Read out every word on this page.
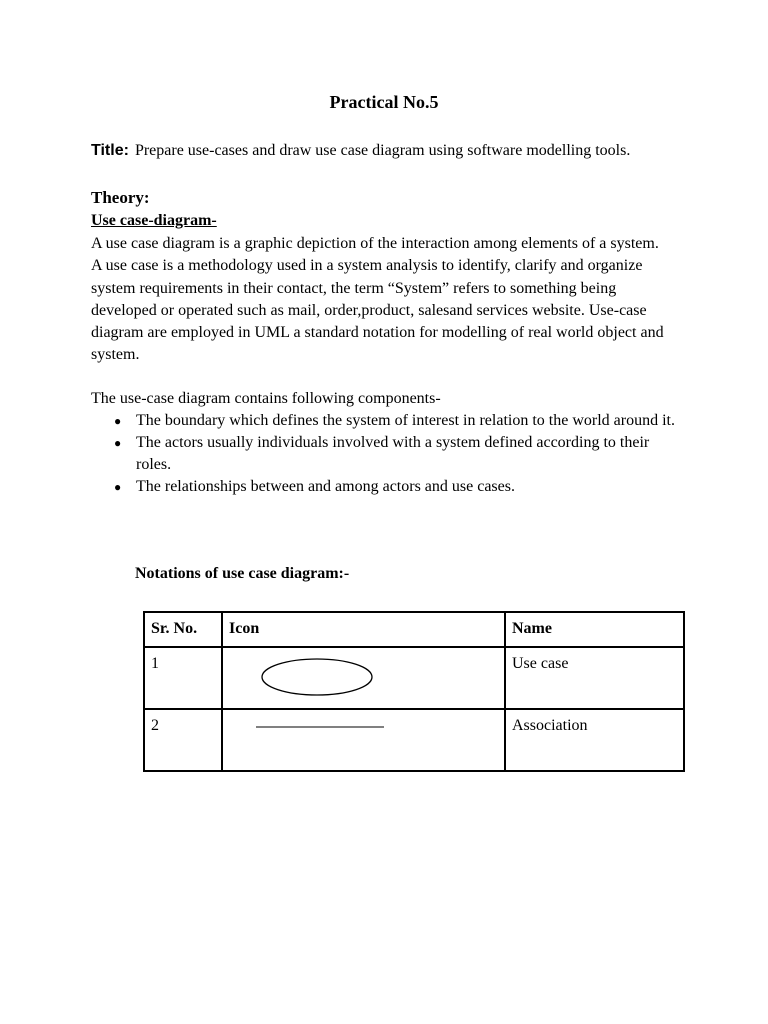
Practical No.5
Title: Prepare use-cases and draw use case diagram using software modelling tools.
Theory:
Use case-diagram-
A use case diagram is a graphic depiction of the interaction among elements of a system.
A use case is a methodology used in a system analysis to identify, clarify and organize
system requirements in their contact, the term “System” refers to something being
developed or operated such as mail, order,product, salesand services website. Use-case
diagram are employed in UML a standard notation for modelling of real world object and
system.
The use-case diagram contains following components-
● The boundary which defines the system of interest in relation to the world around it.
● The actors usually individuals involved with a system defined according to their roles.
● The relationships between and among actors and use cases.
Notations of use case diagram:-
Sr. No.	Icon	Name
1		Use case
2		Association
